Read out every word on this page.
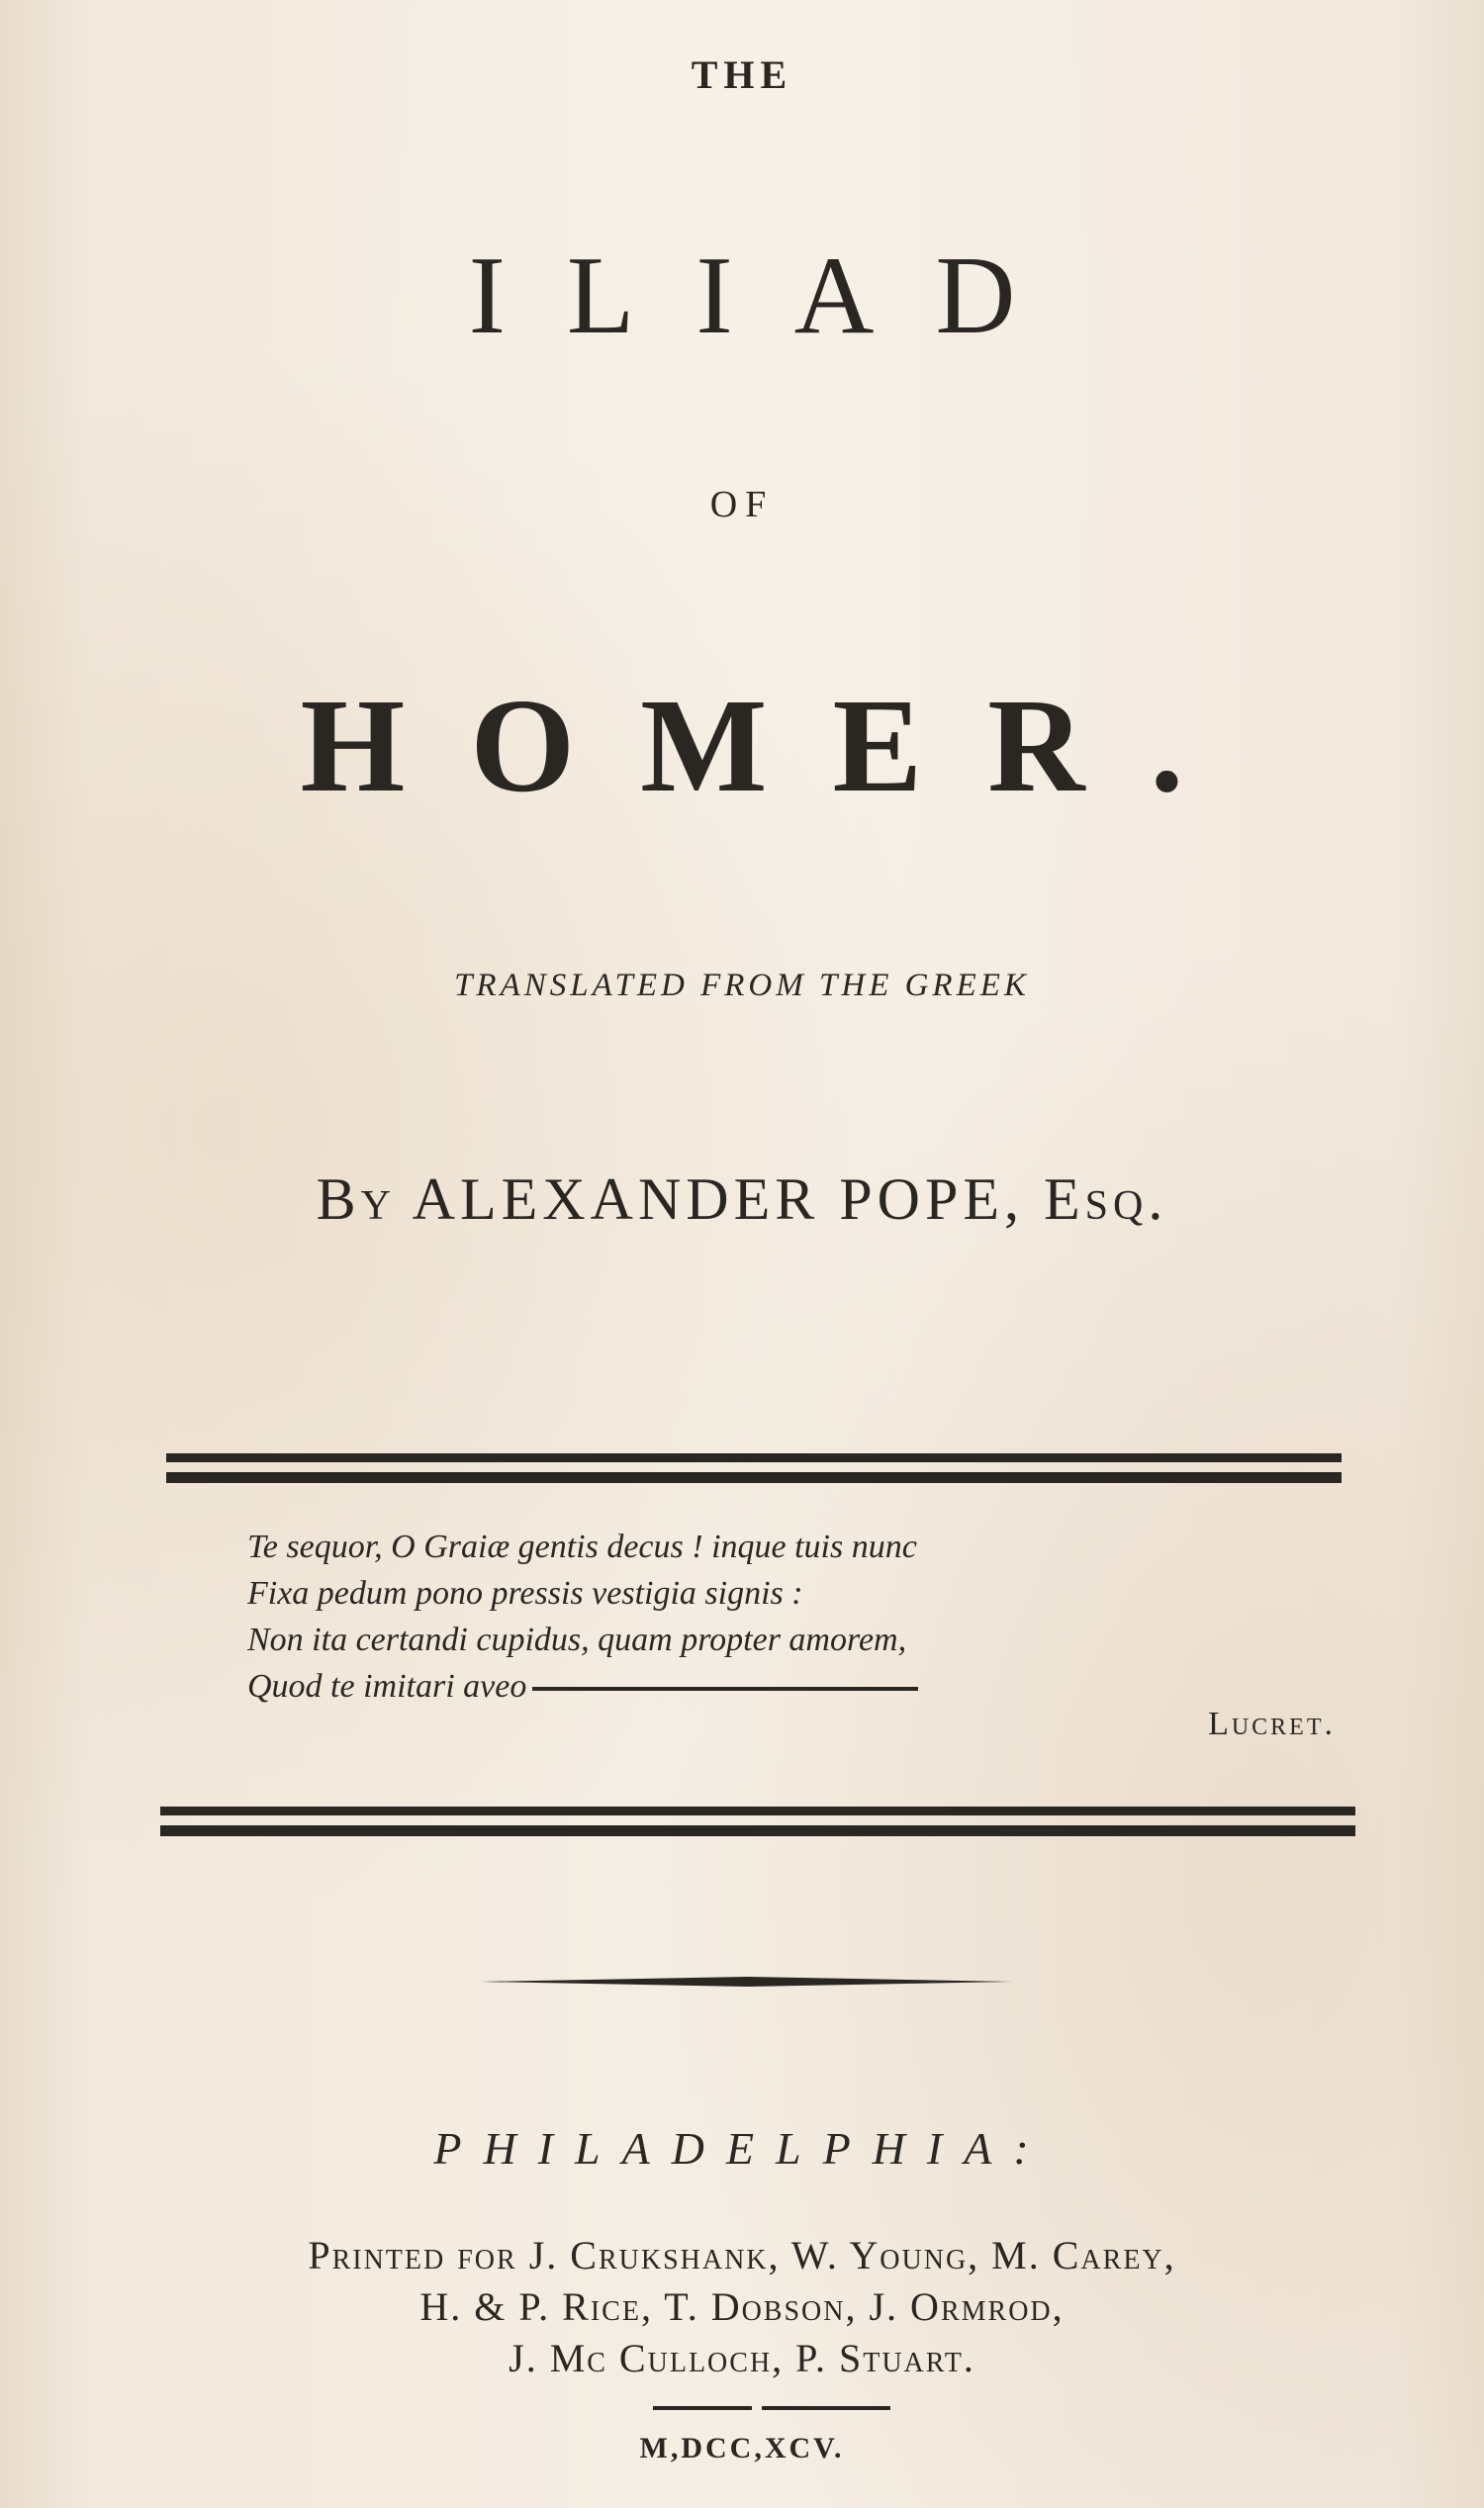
THE
ILIAD
OF
HOMER.
TRANSLATED FROM THE GREEK
By ALEXANDER POPE, Esq.

Te sequor, O Graiæ gentis decus ! inque tuis nunc

Fixa pedum pono pressis vestigia signis :

Non ita certandi cupidus, quam propter amorem,

Quod te imitari aveo

Lucret.
PHILADELPHIA:

Printed for J. Crukshank, W. Young, M. Carey,

H. & P. Rice, T. Dobson, J. Ormrod,

J. Mc Culloch, P. Stuart.

M,DCC,XCV.
